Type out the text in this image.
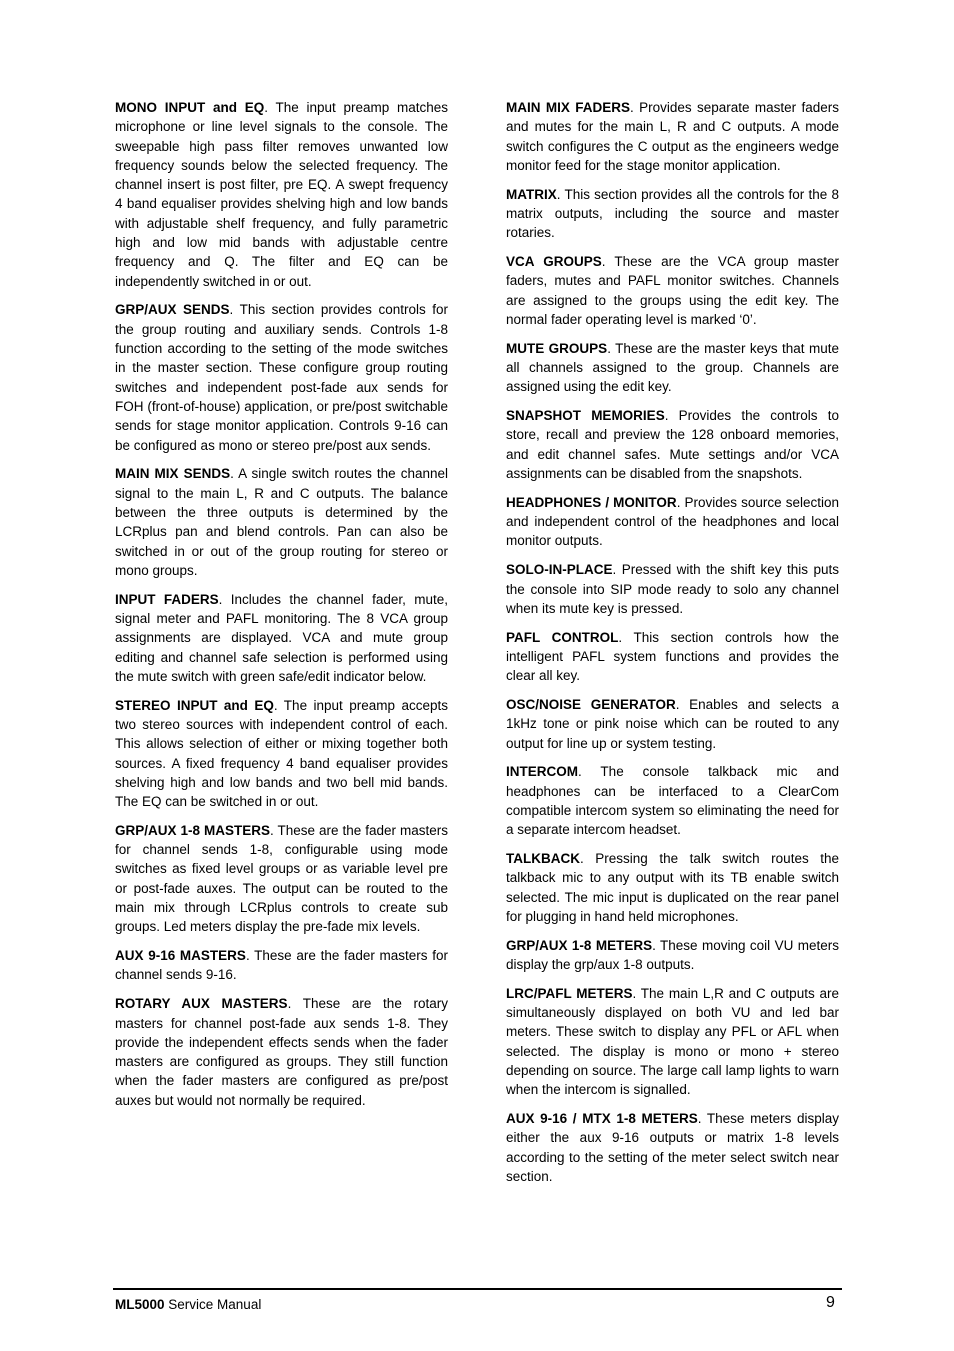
MONO INPUT and EQ. The input preamp matches microphone or line level signals to the console. The sweepable high pass filter removes unwanted low frequency sounds below the selected frequency. The channel insert is post filter, pre EQ. A swept frequency 4 band equaliser provides shelving high and low bands with adjustable shelf frequency, and fully parametric high and low mid bands with adjustable centre frequency and Q. The filter and EQ can be independently switched in or out.

GRP/AUX SENDS. This section provides controls for the group routing and auxiliary sends. Controls 1-8 function according to the setting of the mode switches in the master section. These configure group routing switches and independent post-fade aux sends for FOH (front-of-house) application, or pre/post switchable sends for stage monitor application. Controls 9-16 can be configured as mono or stereo pre/post aux sends.

MAIN MIX SENDS. A single switch routes the channel signal to the main L, R and C outputs. The balance between the three outputs is determined by the LCRplus pan and blend controls. Pan can also be switched in or out of the group routing for stereo or mono groups.

INPUT FADERS. Includes the channel fader, mute, signal meter and PAFL monitoring. The 8 VCA group assignments are displayed. VCA and mute group editing and channel safe selection is performed using the mute switch with green safe/edit indicator below.

STEREO INPUT and EQ. The input preamp accepts two stereo sources with independent control of each. This allows selection of either or mixing together both sources. A fixed frequency 4 band equaliser provides shelving high and low bands and two bell mid bands. The EQ can be switched in or out.

GRP/AUX 1-8 MASTERS. These are the fader masters for channel sends 1-8, configurable using mode switches as fixed level groups or as variable level pre or post-fade auxes. The output can be routed to the main mix through LCRplus controls to create sub groups. Led meters display the pre-fade mix levels.

AUX 9-16 MASTERS. These are the fader masters for channel sends 9-16.

ROTARY AUX MASTERS. These are the rotary masters for channel post-fade aux sends 1-8. They provide the independent effects sends when the fader masters are configured as groups. They still function when the fader masters are configured as pre/post auxes but would not normally be required.

MAIN MIX FADERS. Provides separate master faders and mutes for the main L, R and C outputs. A mode switch configures the C output as the engineers wedge monitor feed for the stage monitor application.

MATRIX. This section provides all the controls for the 8 matrix outputs, including the source and master rotaries.

VCA GROUPS. These are the VCA group master faders, mutes and PAFL monitor switches. Channels are assigned to the groups using the edit key. The normal fader operating level is marked ‘0’.

MUTE GROUPS. These are the master keys that mute all channels assigned to the group. Channels are assigned using the edit key.

SNAPSHOT MEMORIES. Provides the controls to store, recall and preview the 128 onboard memories, and edit channel safes. Mute settings and/or VCA assignments can be disabled from the snapshots.

HEADPHONES / MONITOR. Provides source selection and independent control of the headphones and local monitor outputs.

SOLO-IN-PLACE. Pressed with the shift key this puts the console into SIP mode ready to solo any channel when its mute key is pressed.

PAFL CONTROL. This section controls how the intelligent PAFL system functions and provides the clear all key.

OSC/NOISE GENERATOR. Enables and selects a 1kHz tone or pink noise which can be routed to any output for line up or system testing.

INTERCOM. The console talkback mic and headphones can be interfaced to a ClearCom compatible intercom system so eliminating the need for a separate intercom headset.

TALKBACK. Pressing the talk switch routes the talkback mic to any output with its TB enable switch selected. The mic input is duplicated on the rear panel for plugging in hand held microphones.

GRP/AUX 1-8 METERS. These moving coil VU meters display the grp/aux 1-8 outputs.

LRC/PAFL METERS. The main L,R and C outputs are simultaneously displayed on both VU and led bar meters. These switch to display any PFL or AFL when selected. The display is mono or mono + stereo depending on source. The large call lamp lights to warn when the intercom is signalled.

AUX 9-16 / MTX 1-8 METERS. These meters display either the aux 9-16 outputs or matrix 1-8 levels according to the setting of the meter select switch near section.

ML5000 Service Manual	9
